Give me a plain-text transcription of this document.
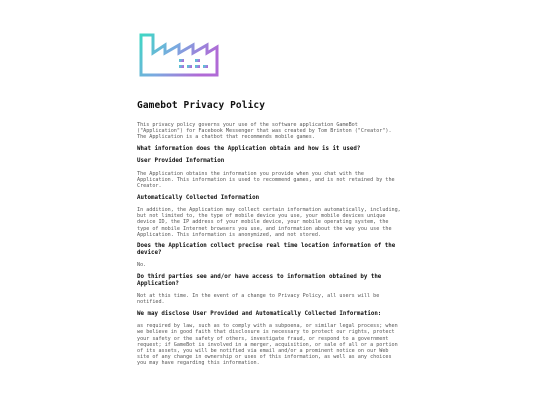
Gamebot Privacy Policy

This privacy policy governs your use of the software application GameBot ("Application") for Facebook Messenger that was created by Tom Brinton ("Creator"). The Application is a chatbot that recommends mobile games.

What information does the Application obtain and how is it used?

User Provided Information

The Application obtains the information you provide when you chat with the Application. This information is used to recommend games, and is not retained by the Creator.

Automatically Collected Information

In addition, the Application may collect certain information automatically, including, but not limited to, the type of mobile device you use, your mobile devices unique device ID, the IP address of your mobile device, your mobile operating system, the type of mobile Internet browsers you use, and information about the way you use the Application. This information is anonymized, and not stored.

Does the Application collect precise real time location information of the device?

No.

Do third parties see and/or have access to information obtained by the Application?

Not at this time. In the event of a change to Privacy Policy, all users will be notified.

We may disclose User Provided and Automatically Collected Information:

as required by law, such as to comply with a subpoena, or similar legal process; when we believe in good faith that disclosure is necessary to protect our rights, protect your safety or the safety of others, investigate fraud, or respond to a government request; if GameBot is involved in a merger, acquisition, or sale of all or a portion of its assets, you will be notified via email and/or a prominent notice on our Web site of any change in ownership or uses of this information, as well as any choices you may have regarding this information.
